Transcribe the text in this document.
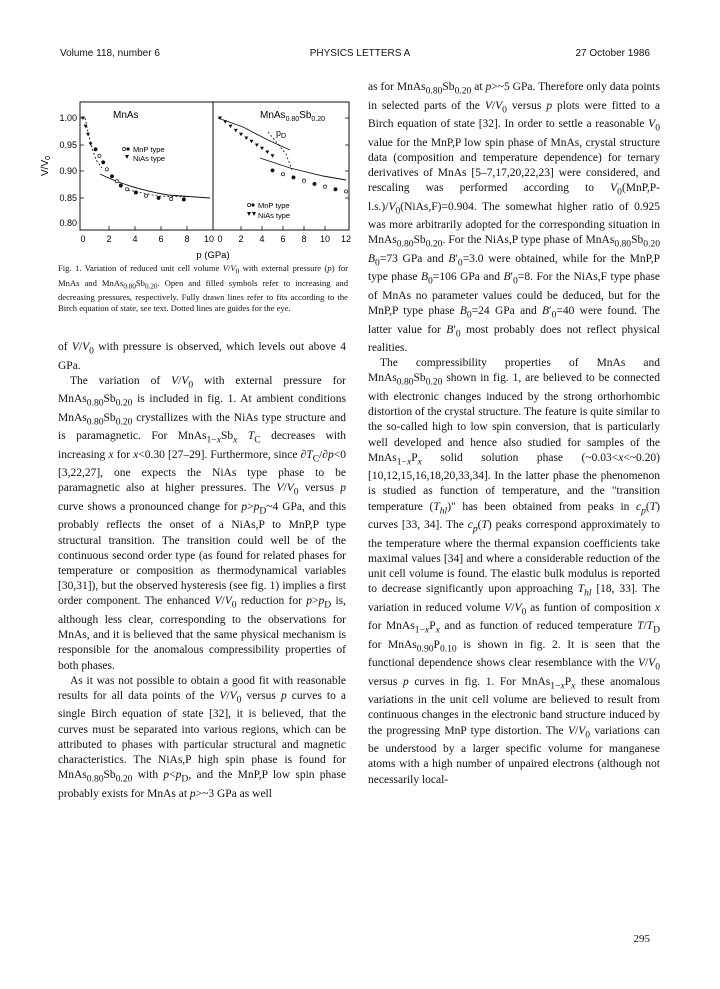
Volume 118, number 6	PHYSICS LETTERS A	27 October 1986
MnAs	$MnAs_{0.80}Sb_{0.20}$
$p_D$
1.00
0.95
0.90
0.85
0.80
$V/V_0$
0 2 4 6 8 10 0 2 4 6 8 10 12
p (GPa)
MnP type
NiAs type
MnP type
NiAs type
Fig. 1. Variation of reduced unit cell volume $V/V_0$ with external pressure (p) for MnAs and $MnAs_{0.80}Sb_{0.20}$. Open and filled symbols refer to increasing and decreasing pressures, respectively. Fully drawn lines refer to fits according to the Birch equation of state, see text. Dotted lines are guides for the eye.

of $V/V_0$ with pressure is observed, which levels out above 4 GPa.

The variation of $V/V_0$ with external pressure for $MnAs_{0.80}Sb_{0.20}$ is included in fig. 1. At ambient conditions $MnAs_{0.80}Sb_{0.20}$ crystallizes with the NiAs type structure and is paramagnetic. For $MnAs_{1-x}Sb_x$ $T_C$ decreases with increasing x for x<0.30 [27–29]. Furthermore, since $\partial T_C/\partial p<0$ [3,22,27], one expects the NiAs type phase to be paramagnetic also at higher pressures. The $V/V_0$ versus p curve shows a pronounced change for $p>p_D\sim 4$ GPa, and this probably reflects the onset of a NiAs,P to MnP,P type structural transition. The transition could well be of the continuous second order type (as found for related phases for temperature or composition as thermodynamical variables [30,31]), but the observed hysteresis (see fig. 1) implies a first order component. The enhanced $V/V_0$ reduction for $p>p_D$ is, although less clear, corresponding to the observations for MnAs, and it is believed that the same physical mechanism is responsible for the anomalous compressibility properties of both phases.

As it was not possible to obtain a good fit with reasonable results for all data points of the $V/V_0$ versus p curves to a single Birch equation of state [32], it is believed, that the curves must be separated into various regions, which can be attributed to phases with particular structural and magnetic characteristics. The NiAs,P high spin phase is found for $MnAs_{0.80}Sb_{0.20}$ with $p<p_D$, and the MnP,P low spin phase probably exists for MnAs at p>~3 GPa as well

as for $MnAs_{0.80}Sb_{0.20}$ at p>~5 GPa. Therefore only data points in selected parts of the $V/V_0$ versus p plots were fitted to a Birch equation of state [32]. In order to settle a reasonable $V_0$ value for the MnP,P low spin phase of MnAs, crystal structure data (composition and temperature dependence) for ternary derivatives of MnAs [5–7,17,20,22,23] were considered, and rescaling was performed according to $V_0(MnP,P-l.s.)/V_0(NiAs,F)=0.904$. The somewhat higher ratio of 0.925 was more arbitrarily adopted for the corresponding situation in $MnAs_{0.80}Sb_{0.20}$. For the NiAs,P type phase of $MnAs_{0.80}Sb_{0.20}$ $B_0=73$ GPa and $B'_0=3.0$ were obtained, while for the MnP,P type phase $B_0=106$ GPa and $B'_0=8$. For the NiAs,F type phase of MnAs no parameter values could be deduced, but for the MnP,P type phase $B_0=24$ GPa and $B'_0=40$ were found. The latter value for $B'_0$ most probably does not reflect physical realities.

The compressibility properties of MnAs and $MnAs_{0.80}Sb_{0.20}$ shown in fig. 1, are believed to be connected with electronic changes induced by the strong orthorhombic distortion of the crystal structure. The feature is quite similar to the so-called high to low spin conversion, that is particularly well developed and hence also studied for samples of the $MnAs_{1-x}P_x$ solid solution phase (~0.03<x<~0.20) [10,12,15,16,18,20,33,34]. In the latter phase the phenomenon is studied as function of temperature, and the "transition temperature $(T_{hl})$" has been obtained from peaks in $c_p(T)$ curves [33, 34]. The $c_p(T)$ peaks correspond approximately to the temperature where the thermal expansion coefficients take maximal values [34] and where a considerable reduction of the unit cell volume is found. The elastic bulk modulus is reported to decrease significantly upon approaching $T_{hl}$ [18, 33]. The variation in reduced volume $V/V_0$ as funtion of composition x for $MnAs_{1-x}P_x$ and as function of reduced temperature $T/T_D$ for $MnAs_{0.90}P_{0.10}$ is shown in fig. 2. It is seen that the functional dependence shows clear resemblance with the $V/V_0$ versus p curves in fig. 1. For $MnAs_{1-x}P_x$ these anomalous variations in the unit cell volume are believed to result from continuous changes in the electronic band structure induced by the progressing MnP type distortion. The $V/V_0$ variations can be understood by a larger specific volume for manganese atoms with a high number of unpaired electrons (although not necessarily local-

295
